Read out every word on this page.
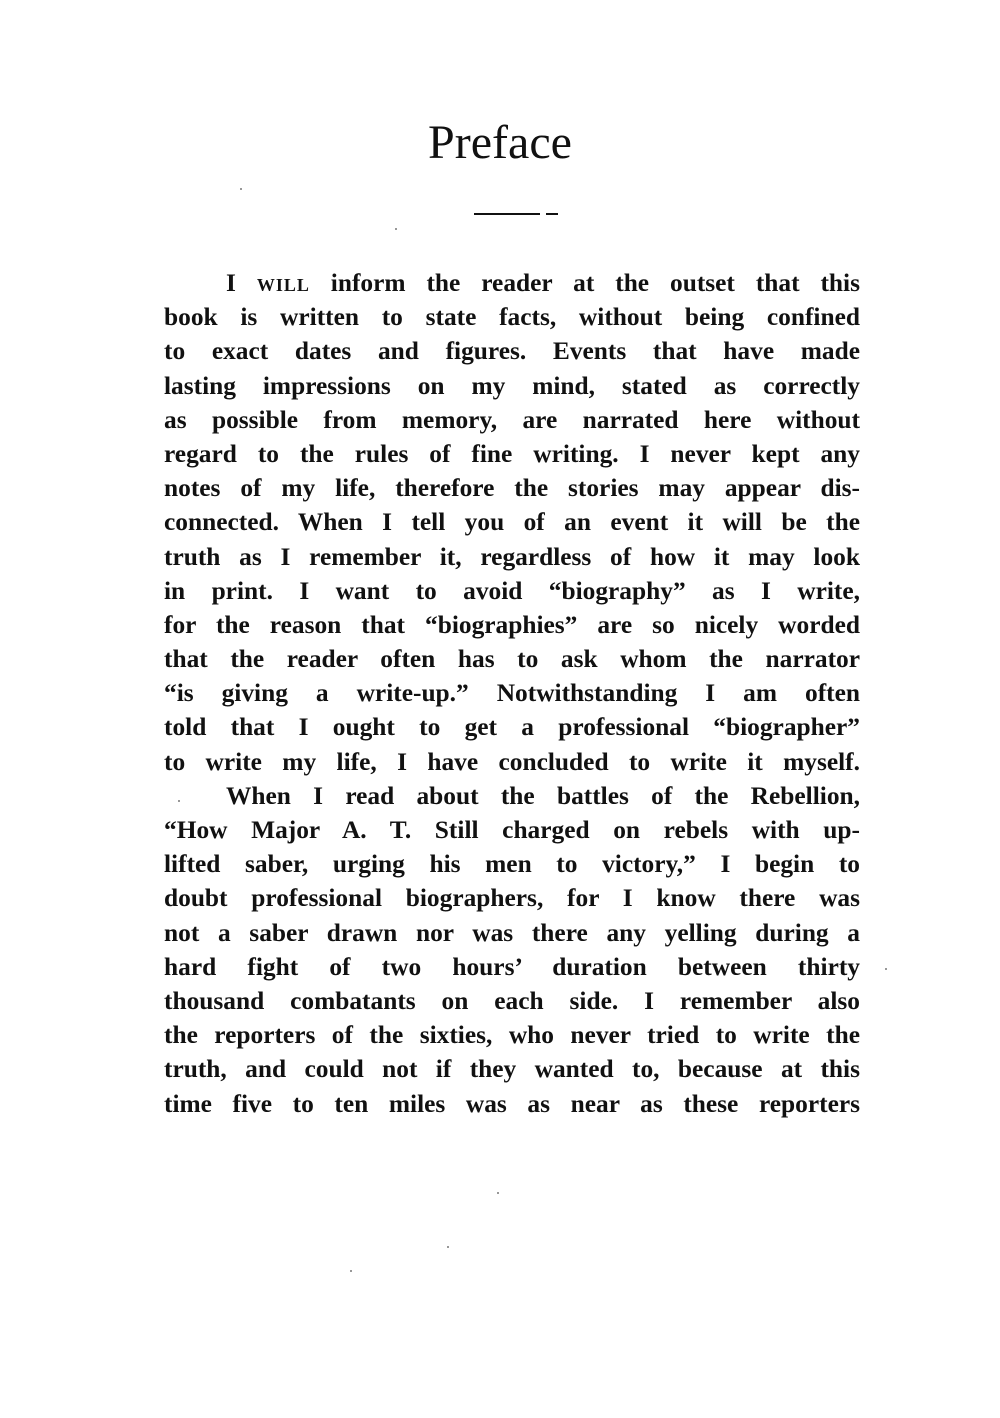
Preface
I will inform the reader at the outset that this
book is written to state facts, without being confined
to exact dates and figures. Events that have made
lasting impressions on my mind, stated as correctly
as possible from memory, are narrated here without
regard to the rules of fine writing. I never kept any
notes of my life, therefore the stories may appear dis-
connected. When I tell you of an event it will be the
truth as I remember it, regardless of how it may look
in print. I want to avoid “biography” as I write,
for the reason that “biographies” are so nicely worded
that the reader often has to ask whom the narrator
“is giving a write-up.” Notwithstanding I am often
told that I ought to get a professional “biographer”
to write my life, I have concluded to write it myself.
When I read about the battles of the Rebellion,
“How Major A. T. Still charged on rebels with up-
lifted saber, urging his men to victory,” I begin to
doubt professional biographers, for I know there was
not a saber drawn nor was there any yelling during a
hard fight of two hours’ duration between thirty
thousand combatants on each side. I remember also
the reporters of the sixties, who never tried to write the
truth, and could not if they wanted to, because at this
time five to ten miles was as near as these reporters
